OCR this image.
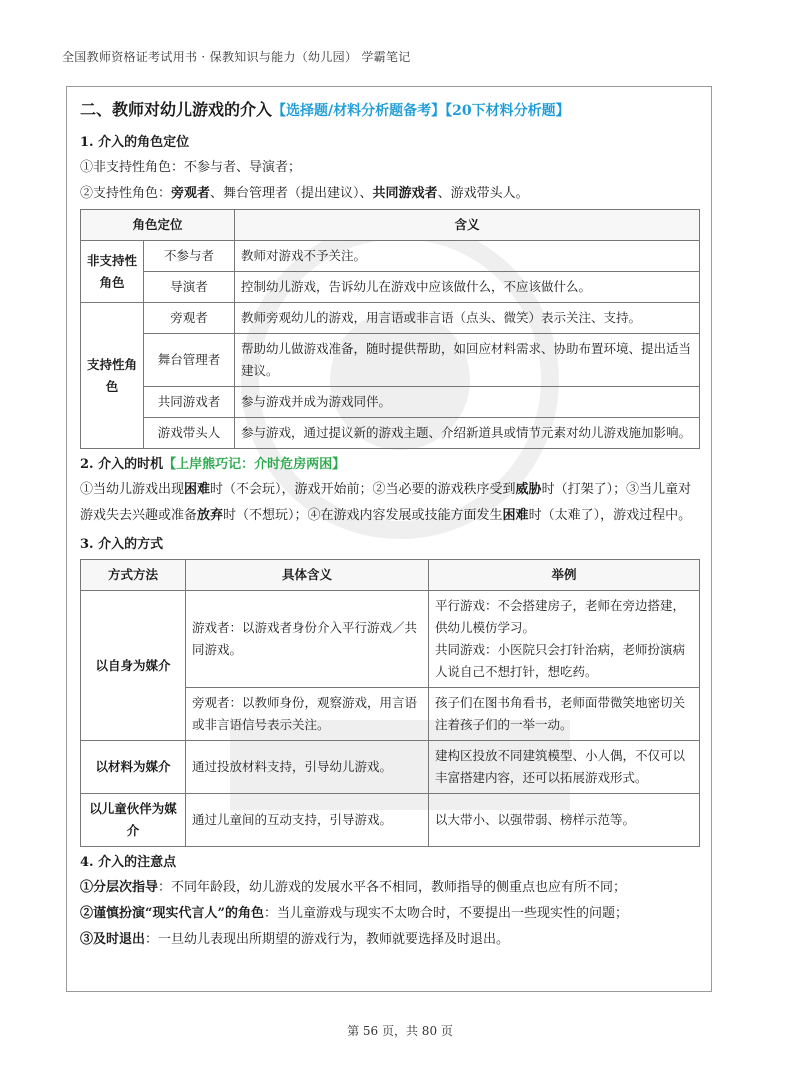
全国教师资格证考试用书 · 保教知识与能力（幼儿园） 学霸笔记
二、教师对幼儿游戏的介入【选择题/材料分析题备考】【20下材料分析题】

1. 介入的角色定位

①非支持性角色：不参与者、导演者；

②支持性角色：旁观者、舞台管理者（提出建议）、共同游戏者、游戏带头人。

角色定位		含义
非支持性角色	不参与者	教师对游戏不予关注。
	导演者	控制幼儿游戏，告诉幼儿在游戏中应该做什么，不应该做什么。
支持性角色	旁观者	教师旁观幼儿的游戏，用言语或非言语（点头、微笑）表示关注、支持。
	舞台管理者	帮助幼儿做游戏准备，随时提供帮助，如回应材料需求、协助布置环境、提出适当建议。
	共同游戏者	参与游戏并成为游戏同伴。
	游戏带头人	参与游戏，通过提议新的游戏主题、介绍新道具或情节元素对幼儿游戏施加影响。

2. 介入的时机【上岸熊巧记：介时危房两困】

①当幼儿游戏出现困难时（不会玩），游戏开始前；②当必要的游戏秩序受到威胁时（打架了）；③当儿童对游戏失去兴趣或准备放弃时（不想玩）；④在游戏内容发展或技能方面发生困难时（太难了），游戏过程中。

3. 介入的方式

方式方法	具体含义	举例
以自身为媒介	游戏者：以游戏者身份介入平行游戏／共同游戏。	平行游戏：不会搭建房子，老师在旁边搭建，供幼儿模仿学习。
共同游戏：小医院只会打针治病，老师扮演病人说自己不想打针，想吃药。

	旁观者：以教师身份，观察游戏，用言语或非言语信号表示关注。	孩子们在图书角看书，老师面带微笑地密切关注着孩子们的一举一动。
以材料为媒介	通过投放材料支持，引导幼儿游戏。	建构区投放不同建筑模型、小人偶，不仅可以丰富搭建内容，还可以拓展游戏形式。
以儿童伙伴为媒介	通过儿童间的互动支持，引导游戏。	以大带小、以强带弱、榜样示范等。

4. 介入的注意点

①分层次指导：不同年龄段，幼儿游戏的发展水平各不相同，教师指导的侧重点也应有所不同；

②谨慎扮演“现实代言人”的角色：当儿童游戏与现实不太吻合时，不要提出一些现实性的问题；

③及时退出：一旦幼儿表现出所期望的游戏行为，教师就要选择及时退出。

第 56 页，共 80 页
